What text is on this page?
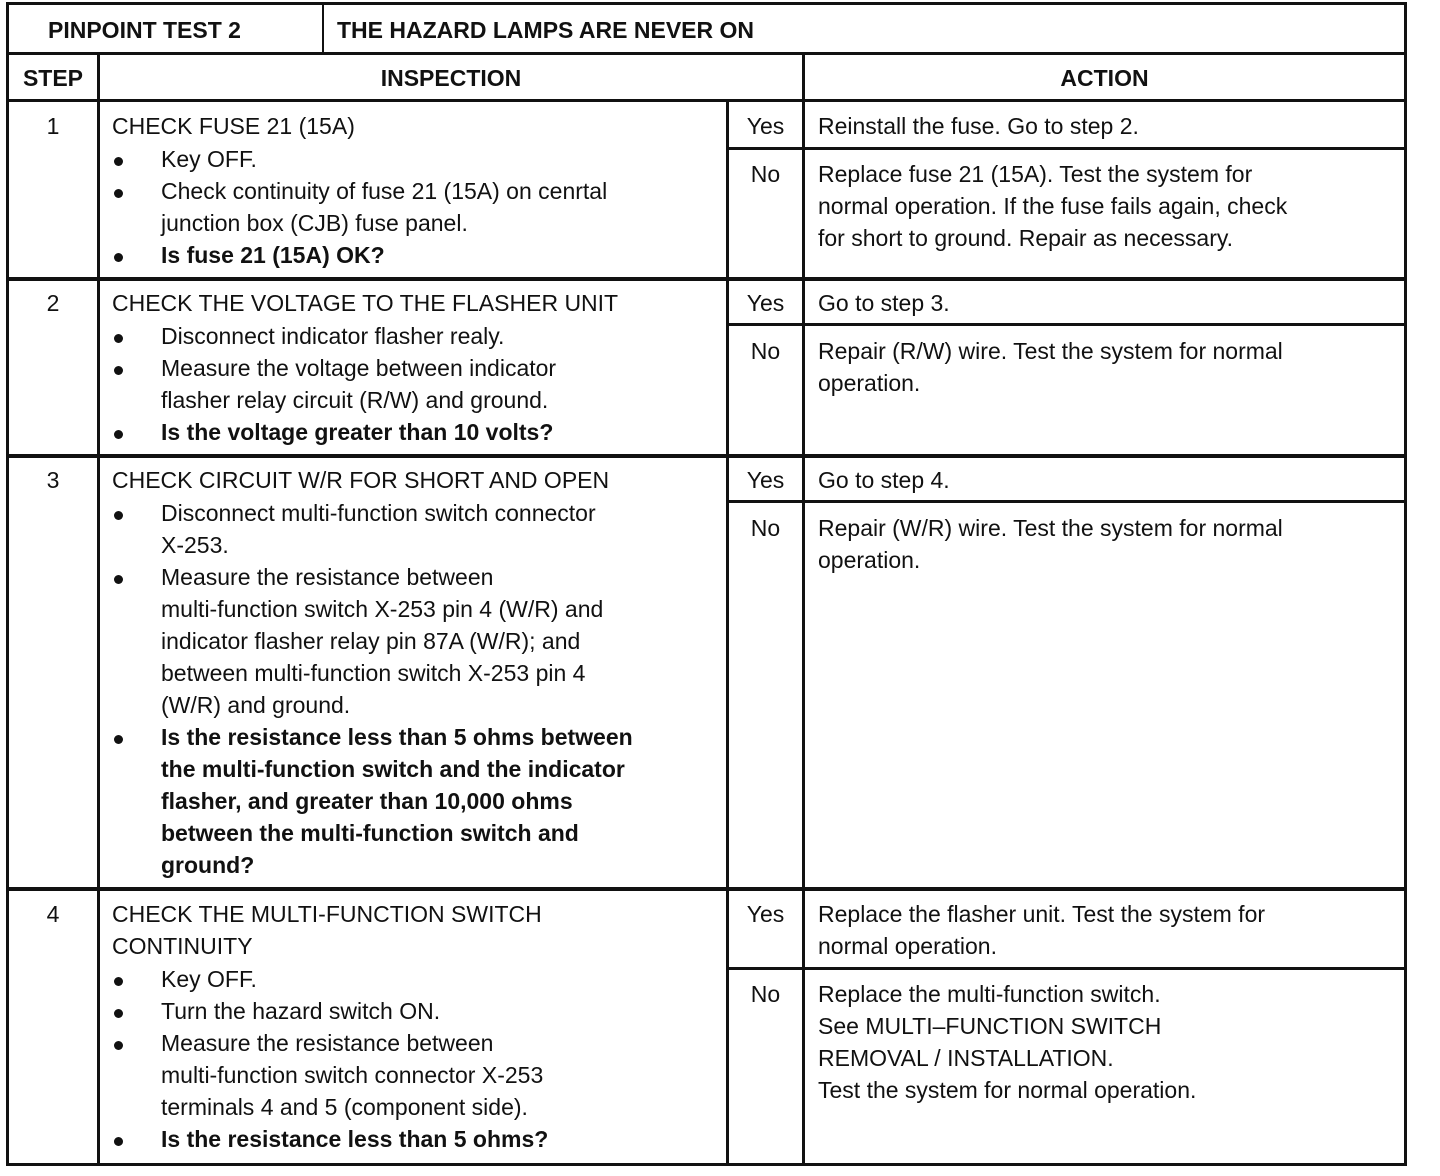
PINPOINT TEST 2	THE HAZARD LAMPS ARE NEVER ON
STEP	INSPECTION	ACTION
1	CHECK FUSE 21 (15A)
Key OFF.
Check continuity of fuse 21 (15A) on cenrtal
junction box (CJB) fuse panel.
Is fuse 21 (15A) OK?
Yes	Reinstall the fuse. Go to step 2.
No	Replace fuse 21 (15A). Test the system for
normal operation. If the fuse fails again, check
for short to ground. Repair as necessary.
2	CHECK THE VOLTAGE TO THE FLASHER UNIT
Disconnect indicator flasher realy.
Measure the voltage between indicator
flasher relay circuit (R/W) and ground.
Is the voltage greater than 10 volts?
Yes	Go to step 3.
No	Repair (R/W) wire. Test the system for normal
operation.
3	CHECK CIRCUIT W/R FOR SHORT AND OPEN
Disconnect multi-function switch connector
X-253.
Measure the resistance between
multi-function switch X-253 pin 4 (W/R) and
indicator flasher relay pin 87A (W/R); and
between multi-function switch X-253 pin 4
(W/R) and ground.
Is the resistance less than 5 ohms between
the multi-function switch and the indicator
flasher, and greater than 10,000 ohms
between the multi-function switch and
ground?
Yes	Go to step 4.
No	Repair (W/R) wire. Test the system for normal
operation.
4	CHECK THE MULTI-FUNCTION SWITCH
CONTINUITY
Key OFF.
Turn the hazard switch ON.
Measure the resistance between
multi-function switch connector X-253
terminals 4 and 5 (component side).
Is the resistance less than 5 ohms?
Yes	Replace the flasher unit. Test the system for
normal operation.
No	Replace the multi-function switch.
See MULTI–FUNCTION SWITCH
REMOVAL / INSTALLATION.
Test the system for normal operation.
